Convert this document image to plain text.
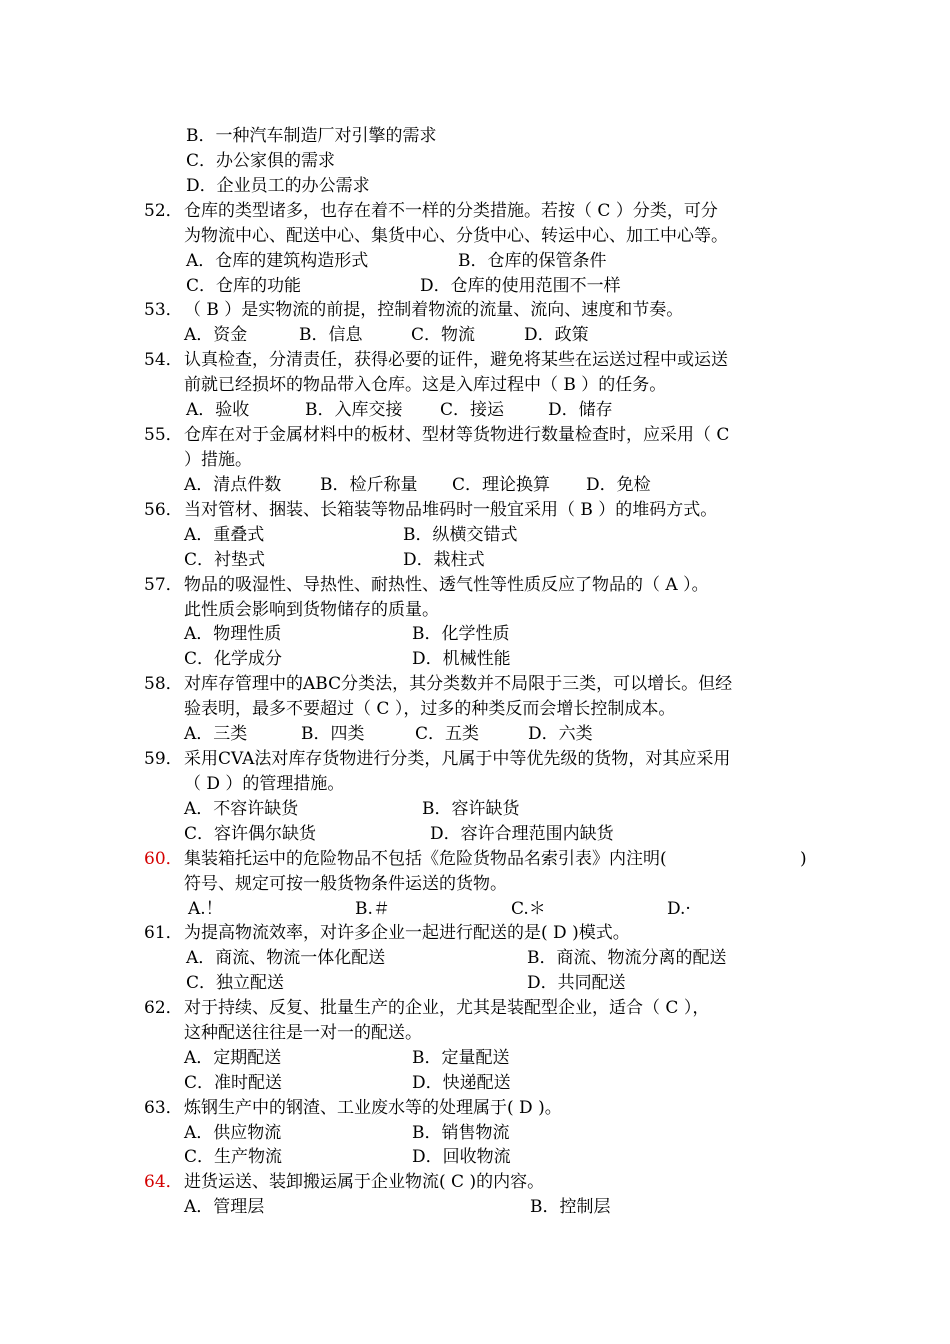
B．一种汽车制造厂对引擎的需求
C．办公家俱的需求
D．企业员工的办公需求
52． 仓库的类型诸多，也存在着不一样的分类措施。若按（ C ）分类，可分
为物流中心、配送中心、集货中心、分货中心、转运中心、加工中心等。
A．仓库的建筑构造形式	B．仓库的保管条件
C．仓库的功能	D．仓库的使用范围不一样
53． （ B ）是实物流的前提，控制着物流的流量、流向、速度和节奏。
A．资金	B．信息	C．物流	D．政策
54． 认真检查，分清责任，获得必要的证件，避免将某些在运送过程中或运送
前就已经损坏的物品带入仓库。这是入库过程中（ B ）的任务。
A．验收	B．入库交接 C．接运	D．储存
55． 仓库在对于金属材料中的板材、型材等货物进行数量检查时，应采用（ C
）措施。
A．清点件数 B．检斤称量 C．理论换算 D．免检
56． 当对管材、捆装、长箱装等物品堆码时一般宜采用（ B ）的堆码方式。
A．重叠式	B．纵横交错式
C．衬垫式	D．栽柱式
57． 物品的吸湿性、导热性、耐热性、透气性等性质反应了物品的（ A ）。
此性质会影响到货物储存的质量。
A．物理性质	B．化学性质
C．化学成分	D．机械性能
58． 对库存管理中的ABC分类法，其分类数并不局限于三类，可以增长。但经
验表明，最多不要超过（ C ），过多的种类反而会增长控制成本。
A．三类	B．四类	C．五类	D．六类
59． 采用CVA法对库存货物进行分类，凡属于中等优先级的货物，对其应采用
（ D ）的管理措施。
A．不容许缺货	B．容许缺货
C．容许偶尔缺货	D．容许合理范围内缺货
60． 集装箱托运中的危险物品不包括《危险货物品名索引表》内注明(	)
符号、规定可按一般货物条件运送的货物。
A.！	B.＃	C.＊	D.·
61． 为提高物流效率，对许多企业一起进行配送的是( D )模式。
A．商流、物流一体化配送	B．商流、物流分离的配送
C．独立配送	D．共同配送
62． 对于持续、反复、批量生产的企业，尤其是装配型企业，适合（ C ），
这种配送往往是一对一的配送。
A．定期配送	B．定量配送
C．准时配送	D．快递配送
63． 炼钢生产中的钢渣、工业废水等的处理属于( D )。
A．供应物流	B．销售物流
C．生产物流	D．回收物流
64． 进货运送、装卸搬运属于企业物流( C )的内容。
A．管理层	B．控制层
